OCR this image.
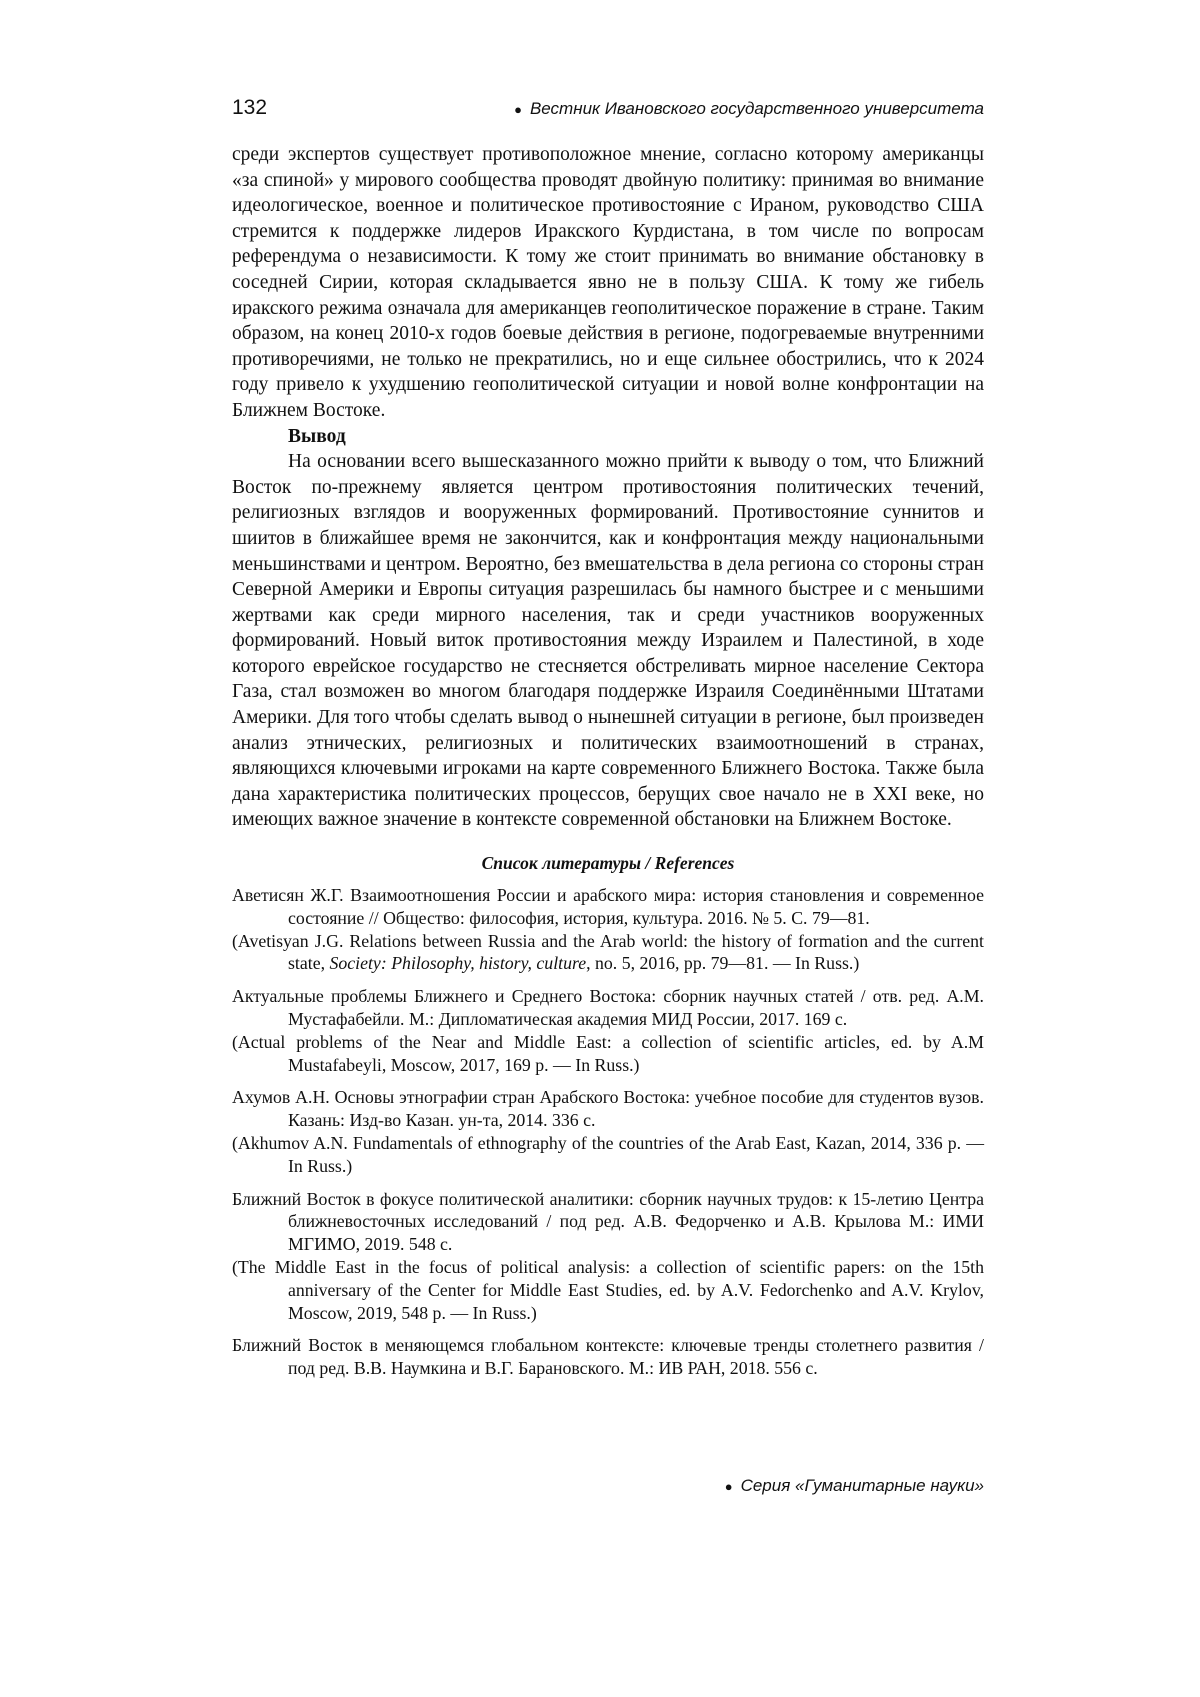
132	● Вестник Ивановского государственного университета

среди экспертов существует противоположное мнение, согласно которому американцы «за спиной» у мирового сообщества проводят двойную политику: принимая во внимание идеологическое, военное и политическое противостояние с Ираном, руководство США стремится к поддержке лидеров Иракского Курдистана, в том числе по вопросам референдума о независимости. К тому же стоит принимать во внимание обстановку в соседней Сирии, которая складывается явно не в пользу США. К тому же гибель иракского режима означала для американцев геополитическое поражение в стране. Таким образом, на конец 2010-х годов боевые действия в регионе, подогреваемые внутренними противоречиями, не только не прекратились, но и еще сильнее обострились, что к 2024 году привело к ухудшению геополитической ситуации и новой волне конфронтации на Ближнем Востоке.

Вывод

На основании всего вышесказанного можно прийти к выводу о том, что Ближний Восток по-прежнему является центром противостояния политических течений, религиозных взглядов и вооруженных формирований. Противостояние суннитов и шиитов в ближайшее время не закончится, как и конфронтация между национальными меньшинствами и центром. Вероятно, без вмешательства в дела региона со стороны стран Северной Америки и Европы ситуация разрешилась бы намного быстрее и с меньшими жертвами как среди мирного населения, так и среди участников вооруженных формирований. Новый виток противостояния между Израилем и Палестиной, в ходе которого еврейское государство не стесняется обстреливать мирное население Сектора Газа, стал возможен во многом благодаря поддержке Израиля Соединёнными Штатами Америки. Для того чтобы сделать вывод о нынешней ситуации в регионе, был произведен анализ этнических, религиозных и политических взаимоотношений в странах, являющихся ключевыми игроками на карте современного Ближнего Востока. Также была дана характеристика политических процессов, берущих свое начало не в XXI веке, но имеющих важное значение в контексте современной обстановки на Ближнем Востоке.

Список литературы / References

Аветисян Ж.Г. Взаимоотношения России и арабского мира: история становления и современное состояние // Общество: философия, история, культура. 2016. № 5. С. 79—81.

(Avetisyan J.G. Relations between Russia and the Arab world: the history of formation and the current state, Society: Philosophy, history, culture, no. 5, 2016, pp. 79—81. — In Russ.)

Актуальные проблемы Ближнего и Среднего Востока: сборник научных статей / отв. ред. А.М. Мустафабейли. М.: Дипломатическая академия МИД России, 2017. 169 с.

(Actual problems of the Near and Middle East: a collection of scientific articles, ed. by A.M Mustafabeyli, Moscow, 2017, 169 p. — In Russ.)

Ахумов А.Н. Основы этнографии стран Арабского Востока: учебное пособие для студентов вузов. Казань: Изд-во Казан. ун-та, 2014. 336 с.

(Akhumov A.N. Fundamentals of ethnography of the countries of the Arab East, Kazan, 2014, 336 p. — In Russ.)

Ближний Восток в фокусе политической аналитики: сборник научных трудов: к 15-летию Центра ближневосточных исследований / под ред. А.В. Федорченко и А.В. Крылова М.: ИМИ МГИМО, 2019. 548 с.

(The Middle East in the focus of political analysis: a collection of scientific papers: on the 15th anniversary of the Center for Middle East Studies, ed. by A.V. Fedorchenko and A.V. Krylov, Moscow, 2019, 548 p. — In Russ.)

Ближний Восток в меняющемся глобальном контексте: ключевые тренды столетнего развития / под ред. В.В. Наумкина и В.Г. Барановского. М.: ИВ РАН, 2018. 556 с.

● Серия «Гуманитарные науки»
